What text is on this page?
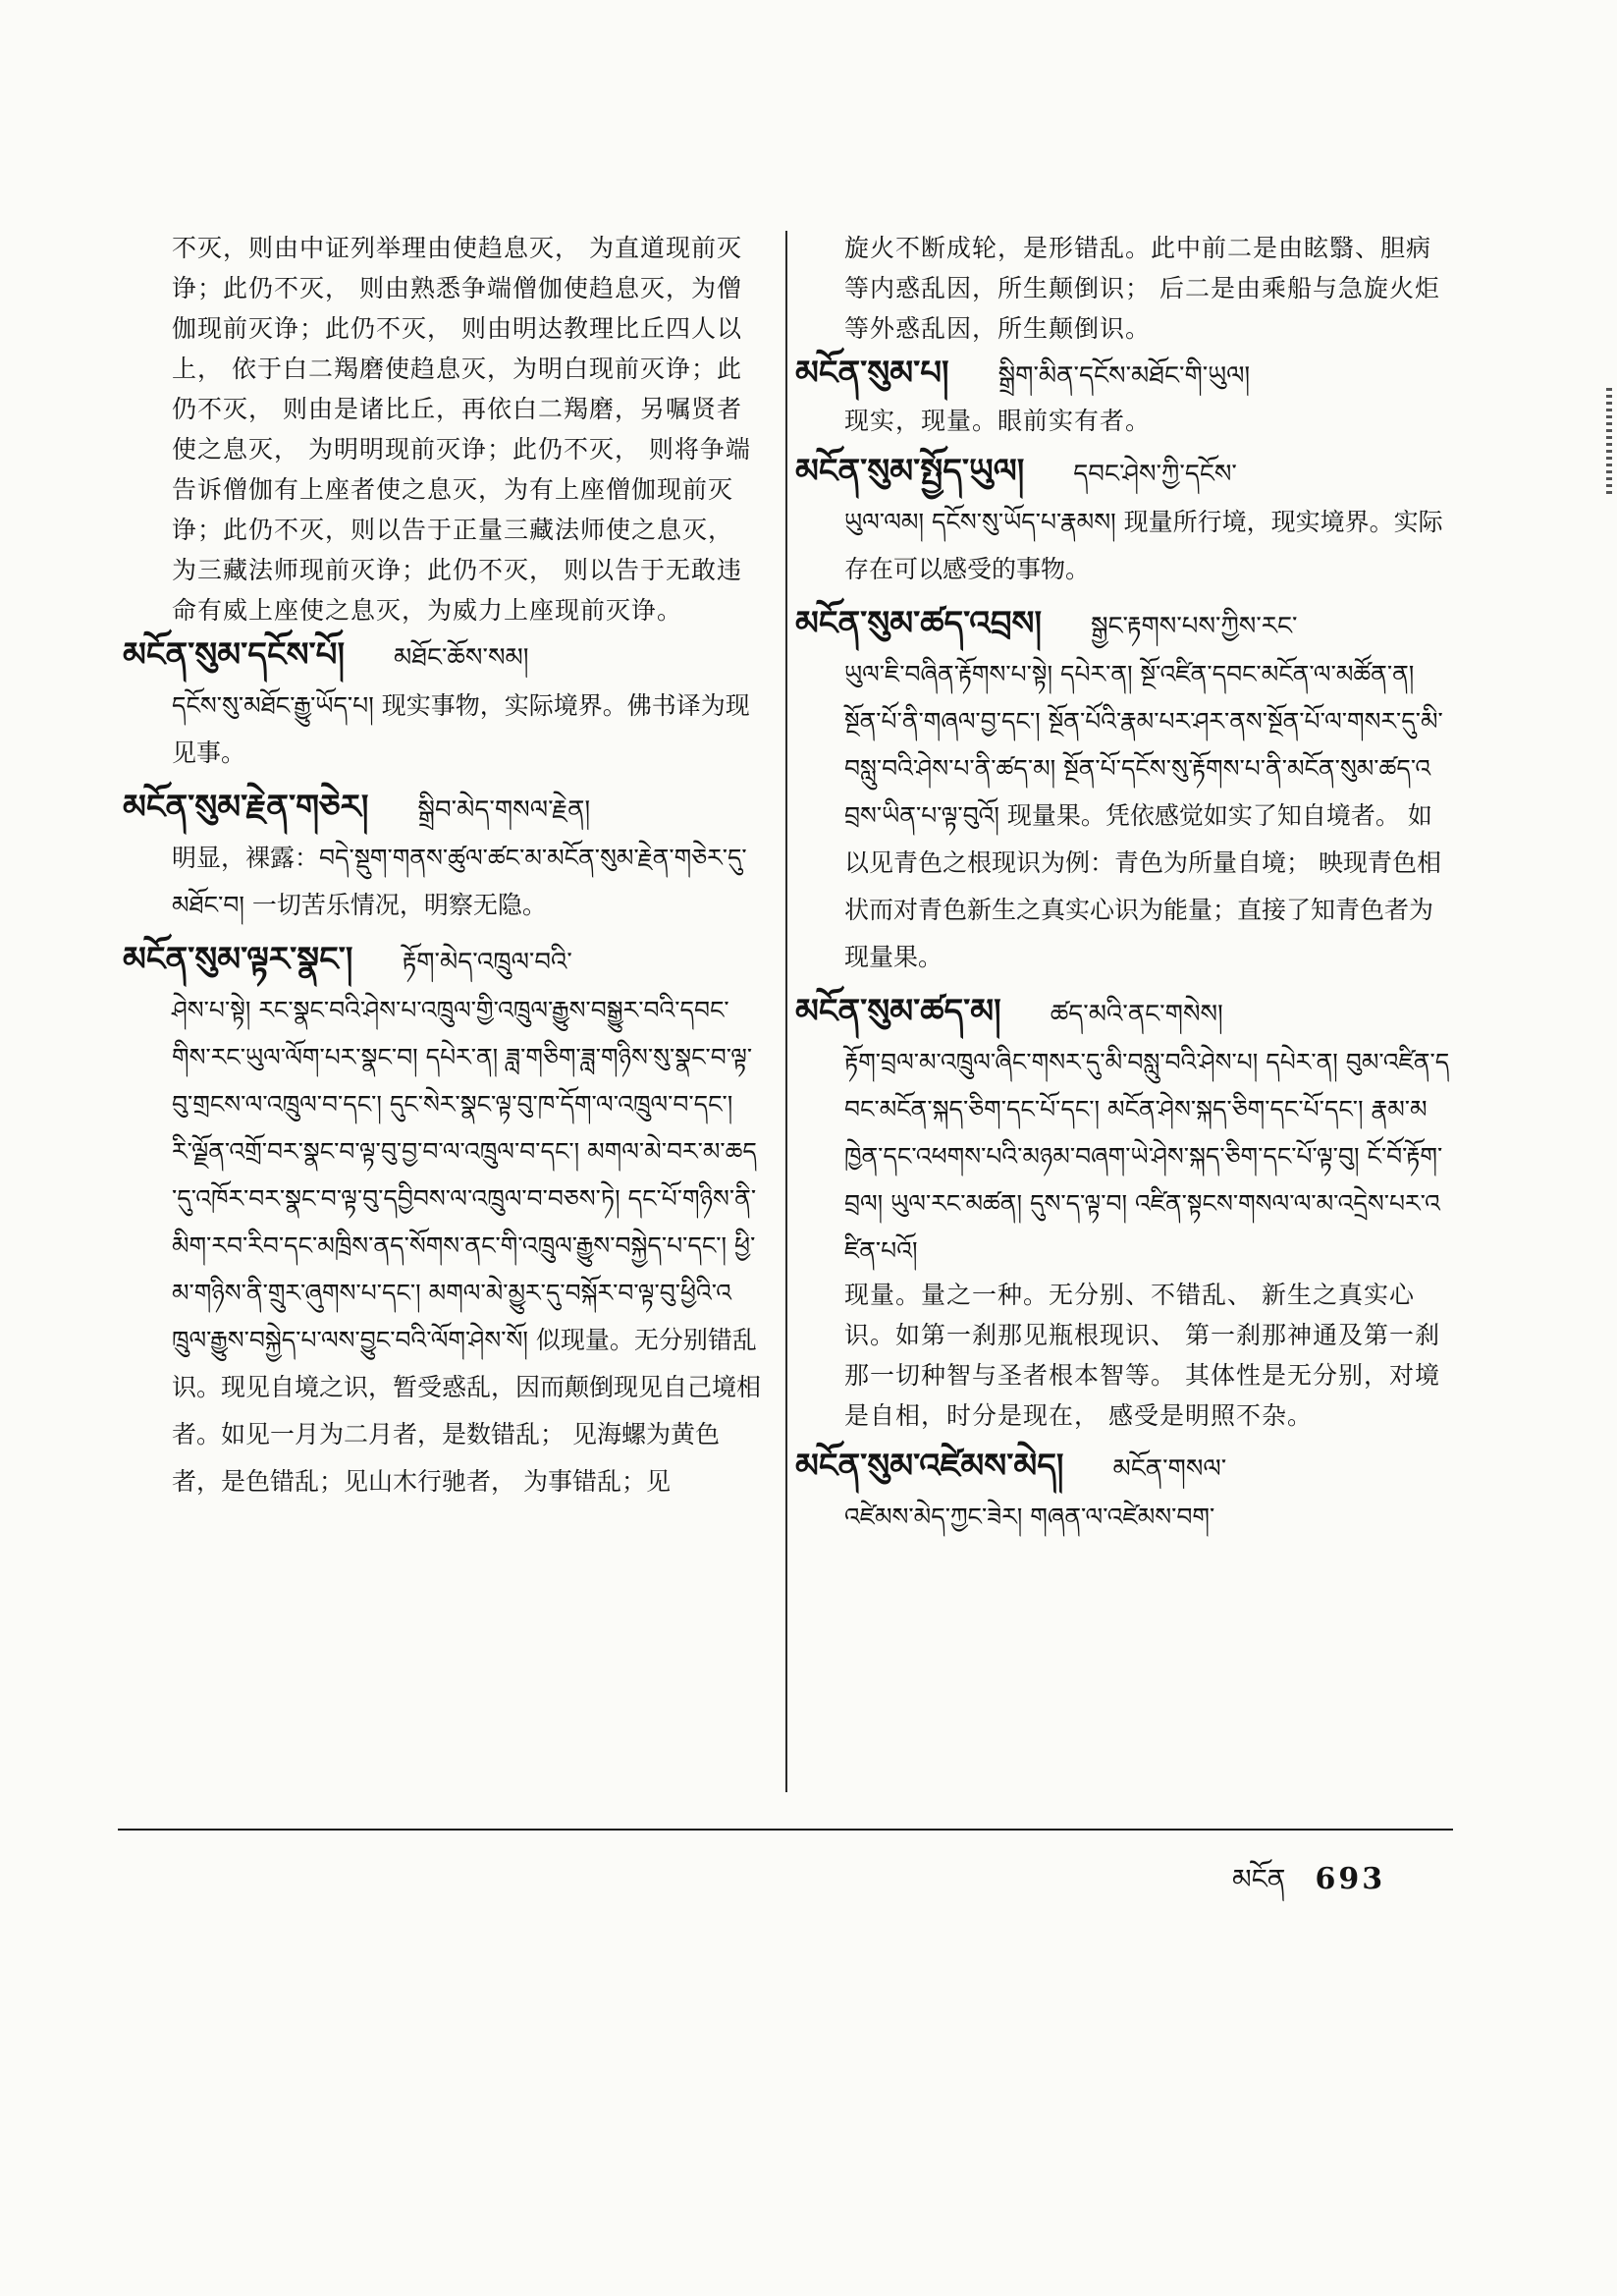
不灭，则由中证列举理由使趋息灭， 为直道现前灭诤；此仍不灭， 则由熟悉争端僧伽使趋息灭，为僧伽现前灭诤；此仍不灭， 则由明达教理比丘四人以上， 依于白二羯磨使趋息灭，为明白现前灭诤；此仍不灭， 则由是诸比丘，再依白二羯磨，另嘱贤者使之息灭， 为明明现前灭诤；此仍不灭， 则将争端告诉僧伽有上座者使之息灭，为有上座僧伽现前灭诤；此仍不灭，则以告于正量三藏法师使之息灭， 为三藏法师现前灭诤；此仍不灭， 则以告于无敢违命有威上座使之息灭，为威力上座现前灭诤。

མངོན་སུམ་དངོས་པོ། མཐོང་ཆོས་སམ།

དངོས་སུ་མཐོང་རྒྱུ་ཡོད་པ། 现实事物，实际境界。佛书译为现见事。

མངོན་སུམ་རྗེན་གཅེར། སྒྲིབ་མེད་གསལ་རྗེན།

明显，裸露：བདེ་སྡུག་གནས་ཚུལ་ཚང་མ་མངོན་སུམ་རྗེན་གཅེར་དུ་མཐོང་བ། 一切苦乐情况，明察无隐。

མངོན་སུམ་ལྟར་སྣང་། རྟོག་མེད་འཁྲུལ་བའི་

ཤེས་པ་སྟེ། རང་སྣང་བའི་ཤེས་པ་འཁྲུལ་གྱི་འཁྲུལ་རྒྱུས་བསྒྱུར་བའི་དབང་གིས་རང་ཡུལ་ལོག་པར་སྣང་བ། དཔེར་ན། ཟླ་གཅིག་ཟླ་གཉིས་སུ་སྣང་བ་ལྟ་བུ་གྲངས་ལ་འཁྲུལ་བ་དང་། དུང་སེར་སྣང་ལྟ་བུ་ཁ་དོག་ལ་འཁྲུལ་བ་དང་། རི་ལྗོན་འགྲོ་བར་སྣང་བ་ལྟ་བུ་བྱ་བ་ལ་འཁྲུལ་བ་དང་། མགལ་མེ་བར་མ་ཆད་དུ་འཁོར་བར་སྣང་བ་ལྟ་བུ་དབྱིབས་ལ་འཁྲུལ་བ་བཅས་ཏེ། དང་པོ་གཉིས་ནི་མིག་རབ་རིབ་དང་མཁྲིས་ནད་སོགས་ནང་གི་འཁྲུལ་རྒྱུས་བསྐྱེད་པ་དང་། ཕྱི་མ་གཉིས་ནི་གྲུར་ཞུགས་པ་དང་། མགལ་མེ་མྱུར་དུ་བསྐོར་བ་ལྟ་བུ་ཕྱིའི་འཁྲུལ་རྒྱུས་བསྐྱེད་པ་ལས་བྱུང་བའི་ལོག་ཤེས་སོ། 似现量。无分别错乱识。现见自境之识，暂受惑乱，因而颠倒现见自己境相者。如见一月为二月者，是数错乱； 见海螺为黄色者，是色错乱；见山木行驰者， 为事错乱；见

旋火不断成轮，是形错乱。此中前二是由眩翳、胆病等内惑乱因，所生颠倒识； 后二是由乘船与急旋火炬等外惑乱因，所生颠倒识。

མངོན་སུམ་པ། སྒྲིག་མིན་དངོས་མཐོང་གི་ཡུལ།

现实，现量。眼前实有者。

མངོན་སུམ་སྤྱོད་ཡུལ། དབང་ཤེས་ཀྱི་དངོས་

ཡུལ་ལམ། དངོས་སུ་ཡོད་པ་རྣམས། 现量所行境，现实境界。实际存在可以感受的事物。

མངོན་སུམ་ཚད་འབྲས། སྒྱང་རྟགས་པས་ཀྱིས་རང་

ཡུལ་ཇི་བཞིན་རྟོགས་པ་སྟེ། དཔེར་ན། སྔོ་འཛིན་དབང་མངོན་ལ་མཚོན་ན། སྔོན་པོ་ནི་གཞལ་བྱ་དང་། སྔོན་པོའི་རྣམ་པར་ཤར་ནས་སྔོན་པོ་ལ་གསར་དུ་མི་བསླུ་བའི་ཤེས་པ་ནི་ཚད་མ། སྔོན་པོ་དངོས་སུ་རྟོགས་པ་ནི་མངོན་སུམ་ཚད་འབྲས་ཡིན་པ་ལྟ་བུའོ། 现量果。凭依感觉如实了知自境者。 如以见青色之根现识为例：青色为所量自境； 映现青色相状而对青色新生之真实心识为能量；直接了知青色者为现量果。

མངོན་སུམ་ཚད་མ། ཚད་མའི་ནང་གསེས།

རྟོག་བྲལ་མ་འཁྲུལ་ཞིང་གསར་དུ་མི་བསླུ་བའི་ཤེས་པ། དཔེར་ན། བུམ་འཛིན་དབང་མངོན་སྐད་ཅིག་དང་པོ་དང་། མངོན་ཤེས་སྐད་ཅིག་དང་པོ་དང་། རྣམ་མཁྱེན་དང་འཕགས་པའི་མཉམ་བཞག་ཡེ་ཤེས་སྐད་ཅིག་དང་པོ་ལྟ་བུ། ངོ་བོ་རྟོག་བྲལ། ཡུལ་རང་མཚན། དུས་ད་ལྟ་བ། འཛིན་སྟངས་གསལ་ལ་མ་འདྲེས་པར་འཛིན་པའོ།

现量。量之一种。无分别、不错乱、 新生之真实心识。如第一刹那见瓶根现识、 第一刹那神通及第一刹那一切种智与圣者根本智等。 其体性是无分别，对境是自相，时分是现在， 感受是明照不杂。

མངོན་སུམ་འཛེམས་མེད། མངོན་གསལ་

འཛེམས་མེད་ཀྱང་ཟེར། གཞན་ལ་འཛེམས་བག་

མངོན 693
